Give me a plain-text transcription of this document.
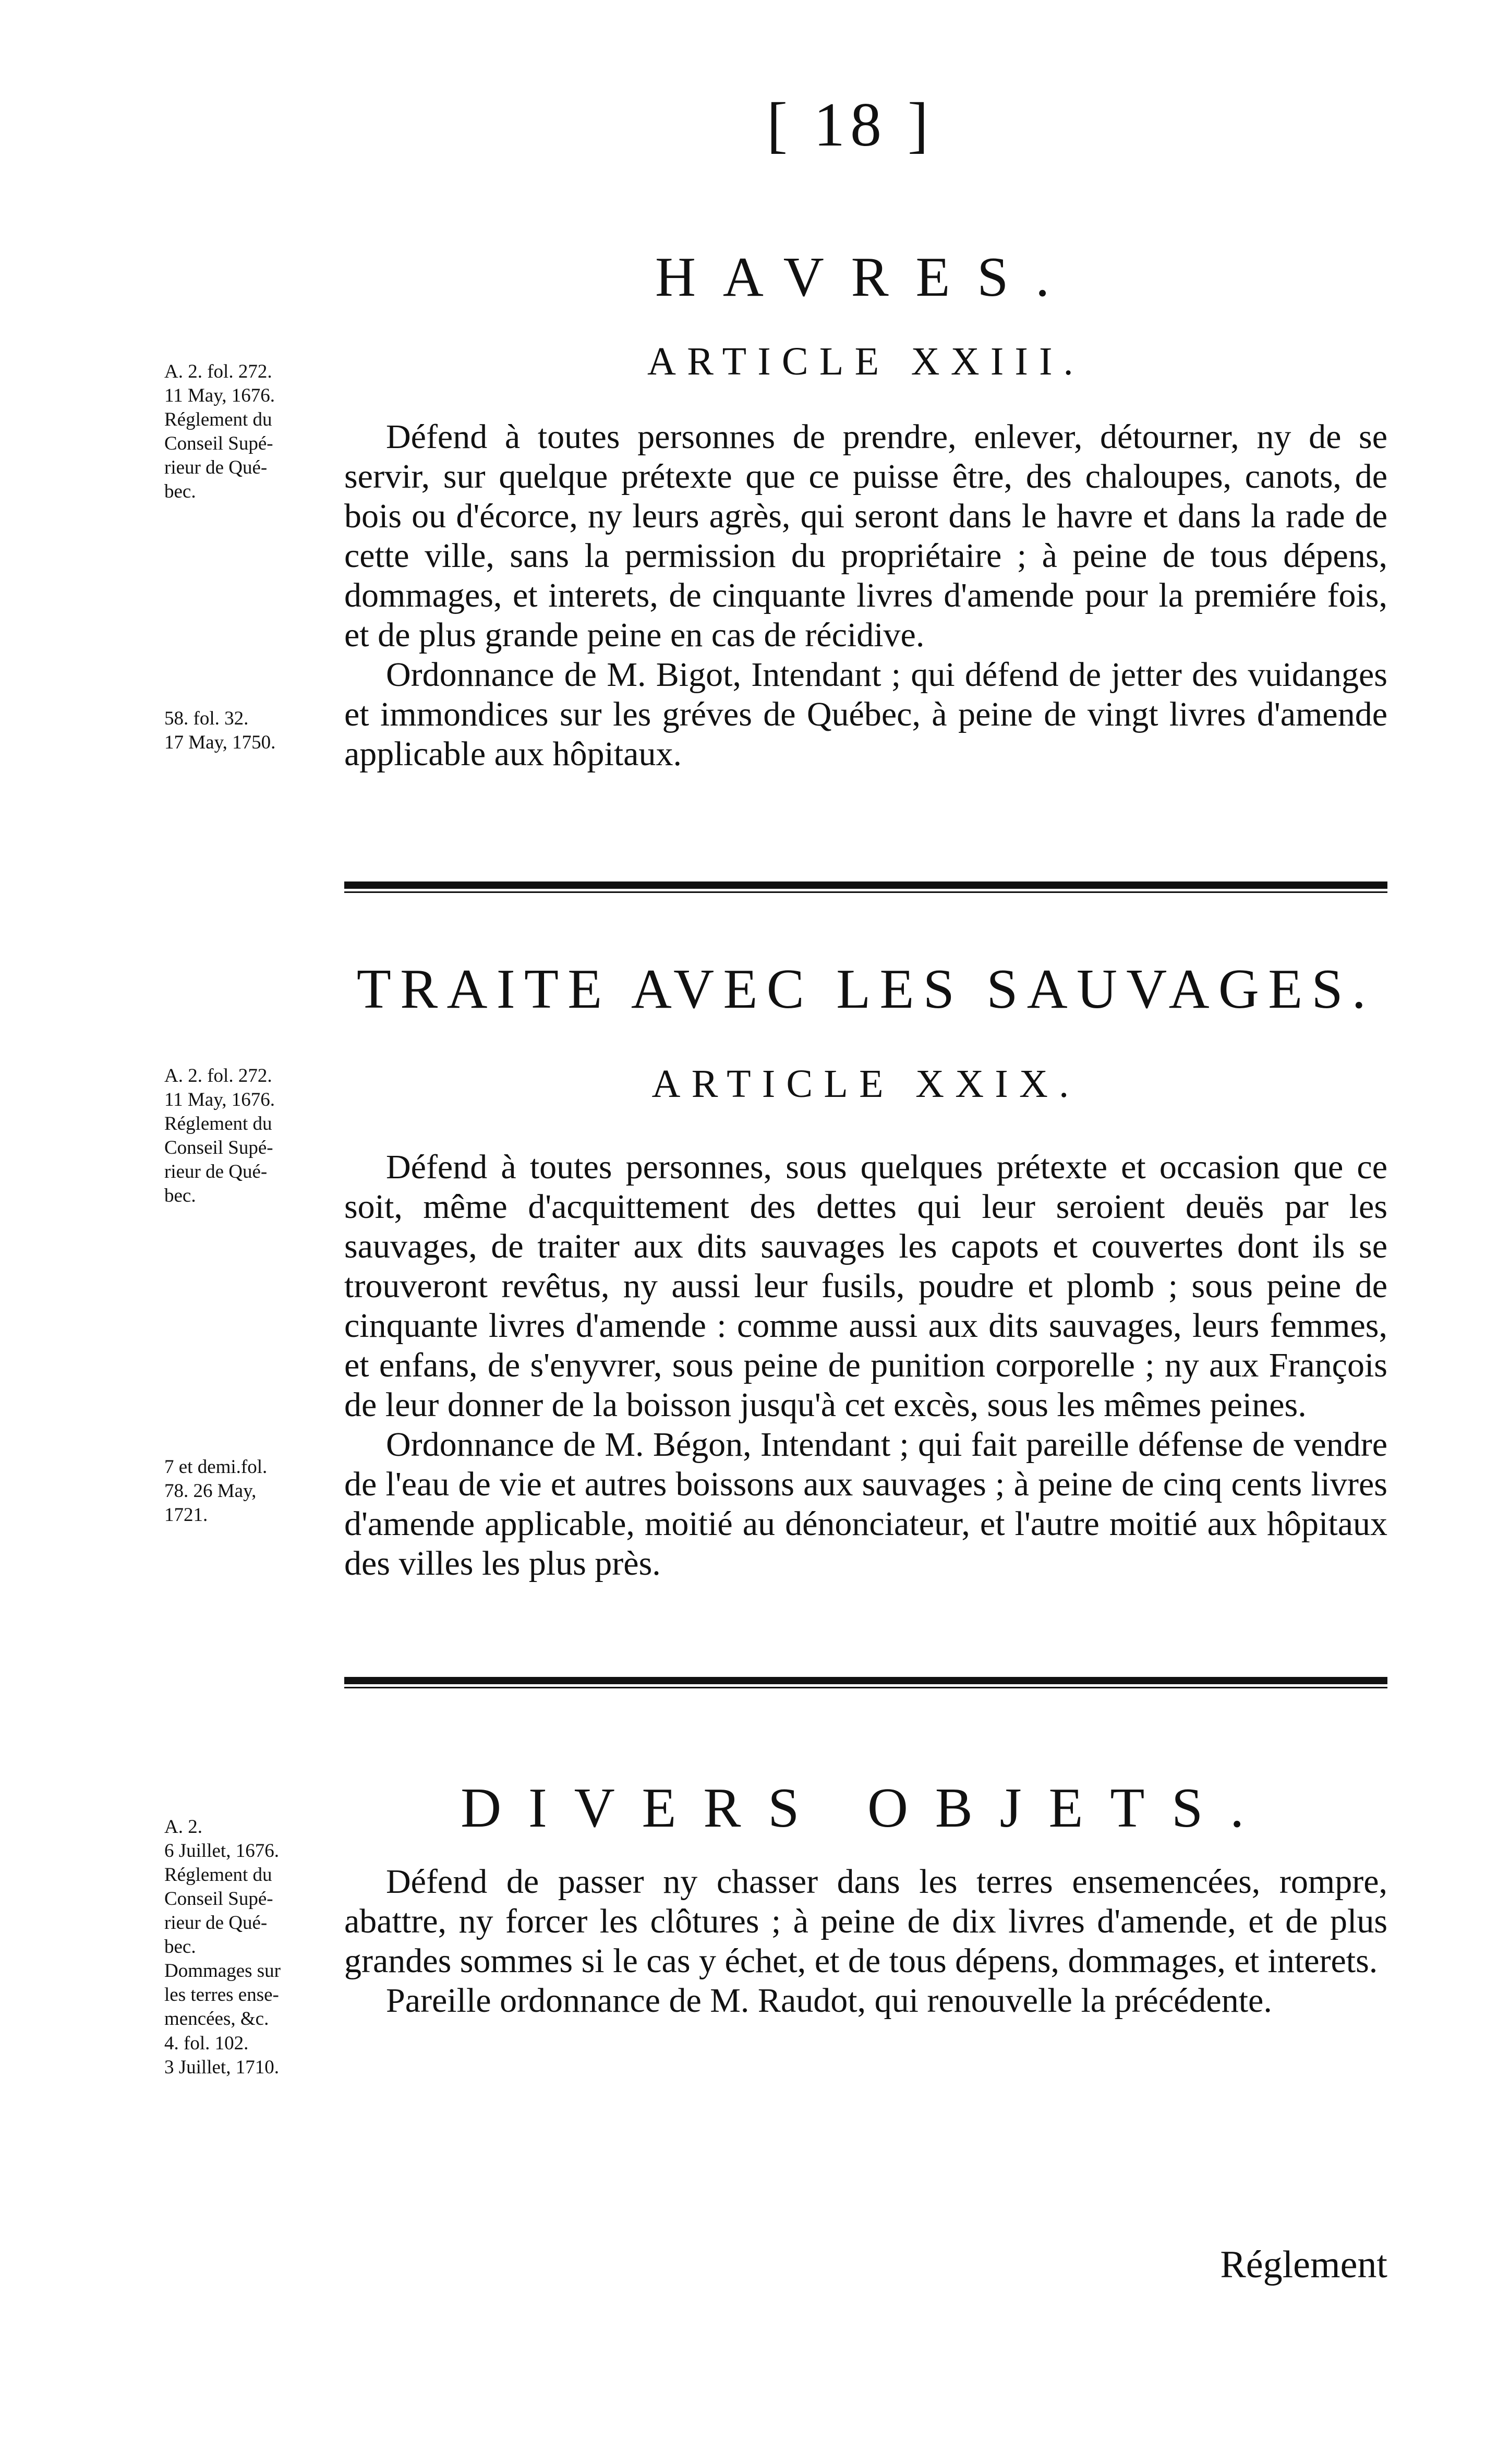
[ 18 ]
HAVRES.
ARTICLE XXIII.
A. 2. fol. 272.
11 May, 1676.
Réglement du
Conseil Supé-
rieur de Qué-
bec.

Défend à toutes personnes de prendre, enlever, détourner, ny de se servir, sur quelque prétexte que ce puisse être, des chaloupes, canots, de bois ou d'écorce, ny leurs agrès, qui seront dans le havre et dans la rade de cette ville, sans la permission du propriétaire ; à peine de tous dépens, dommages, et interets, de cinquante livres d'amende pour la premiére fois, et de plus grande peine en cas de récidive.

Ordonnance de M. Bigot, Intendant ; qui défend de jetter des vuidanges et immondices sur les gréves de Québec, à peine de vingt livres d'amende applicable aux hôpitaux.

58. fol. 32.
17 May, 1750.
TRAITE AVEC LES SAUVAGES.
ARTICLE XXIX.
A. 2. fol. 272.
11 May, 1676.
Réglement du
Conseil Supé-
rieur de Qué-
bec.

Défend à toutes personnes, sous quelques prétexte et occasion que ce soit, même d'acquittement des dettes qui leur seroient deuës par les sauvages, de traiter aux dits sauvages les capots et couvertes dont ils se trouveront revêtus, ny aussi leur fusils, poudre et plomb ; sous peine de cinquante livres d'amende : comme aussi aux dits sauvages, leurs femmes, et enfans, de s'enyvrer, sous peine de punition corporelle ; ny aux François de leur donner de la boisson jusqu'à cet excès, sous les mêmes peines.

Ordonnance de M. Bégon, Intendant ; qui fait pareille défense de vendre de l'eau de vie et autres boissons aux sauvages ; à peine de cinq cents livres d'amende applicable, moitié au dénonciateur, et l'autre moitié aux hôpitaux des villes les plus près.

7 et demi.fol.
78. 26 May,
1721.
DIVERS OBJETS.
A. 2.
6 Juillet, 1676.
Réglement du
Conseil Supé-
rieur de Qué-
bec.
Dommages sur
les terres ense-
mencées, &c.

Défend de passer ny chasser dans les terres ensemencées, rompre, abattre, ny forcer les clôtures ; à peine de dix livres d'amende, et de plus grandes sommes si le cas y échet, et de tous dépens, dommages, et interets.

Pareille ordonnance de M. Raudot, qui renouvelle la précédente.

4. fol. 102.
3 Juillet, 1710.
Réglement
